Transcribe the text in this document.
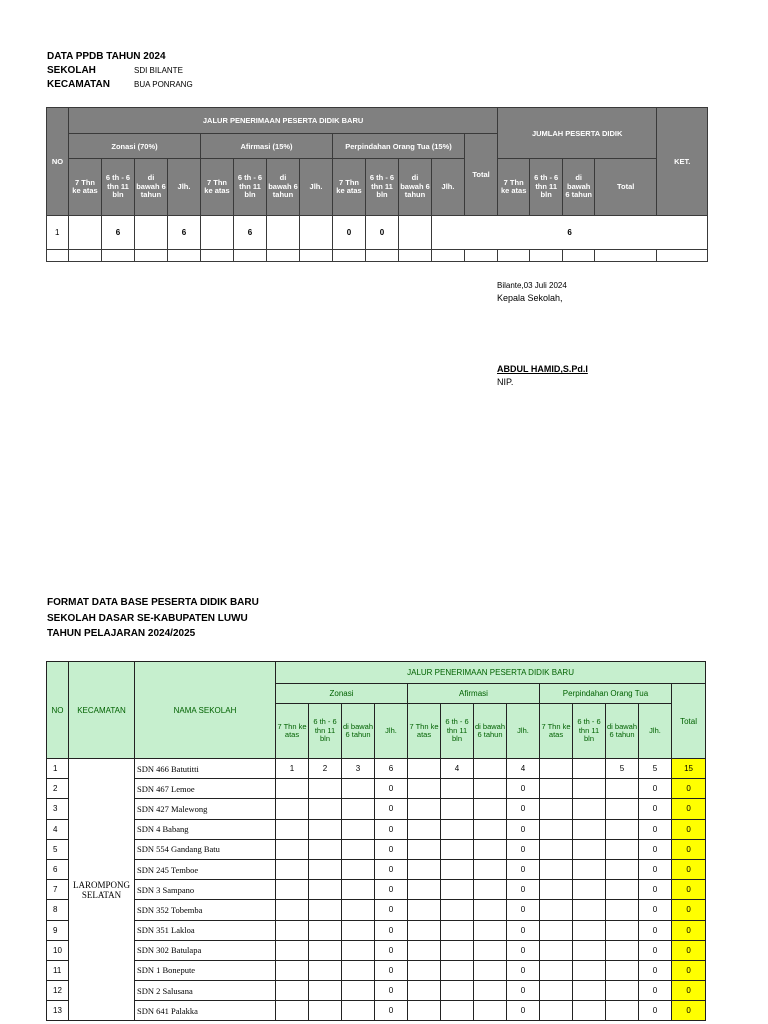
DATA PPDB TAHUN 2024
SEKOLAH	SDI BILANTE
KECAMATAN	BUA PONRANG
NO	JALUR PENERIMAAN PESERTA DIDIK BARU													JUMLAH PESERTA DIDIK				KET.
	Zonasi (70%)				Afirmasi (15%)				Perpindahan Orang Tua (15%)				Total					
	7 Thn ke atas	6 th - 6 thn 11 bln	di bawah 6 tahun	Jlh.	7 Thn ke atas	6 th - 6 thn 11 bln	di bawah 6 tahun	Jlh.	7 Thn ke atas	6 th - 6 thn 11 bln	di bawah 6 tahun	Jlh.		7 Thn ke atas	6 th - 6 thn 11 bln	di bawah 6 tahun	Total	
1		6		6		6			0	0		6						

Bilante,03 Juli 2024
Kepala Sekolah,
ABDUL HAMID,S.Pd.I
NIP.
FORMAT DATA BASE PESERTA DIDIK BARU
SEKOLAH DASAR SE-KABUPATEN LUWU
TAHUN PELAJARAN 2024/2025
NO	KECAMATAN	NAMA SEKOLAH	JALUR PENERIMAAN PESERTA DIDIK BARU												
			Zonasi				Afirmasi				Perpindahan Orang Tua				Total
			7 Thn ke atas	6 th - 6 thn 11 bln	di bawah 6 tahun	Jlh.	7 Thn ke atas	6 th - 6 thn 11 bln	di bawah 6 tahun	Jlh.	7 Thn ke atas	6 th - 6 thn 11 bln	di bawah 6 tahun	Jlh.	
1	LAROMPONG SELATAN	SDN 466 Batutitti	1	2	3	6		4		4			5	5	15
2		SDN 467 Lemoe				0				0				0	0
3		SDN 427 Malewong				0				0				0	0
4		SDN 4 Babang				0				0				0	0
5		SDN 554 Gandang Batu				0				0				0	0
6		SDN 245 Temboe				0				0				0	0
7		SDN 3 Sampano				0				0				0	0
8		SDN 352 Tobemba				0				0				0	0
9		SDN 351 Lakloa				0				0				0	0
10		SDN 302 Batulapa				0				0				0	0
11		SDN 1 Bonepute				0				0				0	0
12		SDN 2 Salusana				0				0				0	0
13		SDN 641 Palakka				0				0				0	0
